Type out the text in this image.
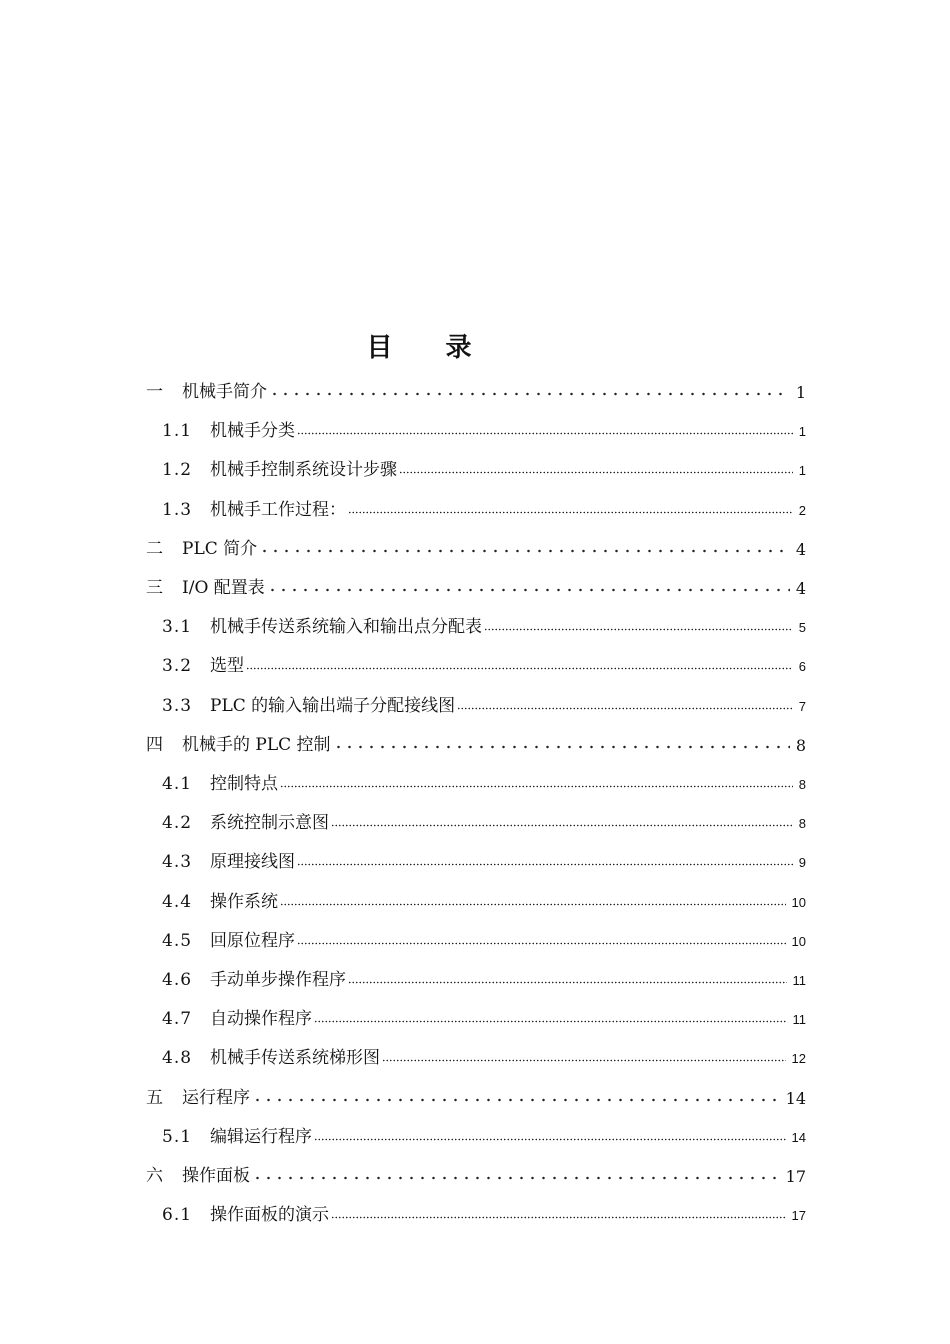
目 录
一	机械手简介	1
1.1	机械手分类	1
1.2	机械手控制系统设计步骤	1
1.3	机械手工作过程：	2
二	PLC 简介	4
三	I/O 配置表	4
3.1	机械手传送系统输入和输出点分配表	5
3.2	选型	6
3.3	PLC 的输入输出端子分配接线图	7
四	机械手的 PLC 控制	8
4.1	控制特点	8
4.2	系统控制示意图	8
4.3	原理接线图	9
4.4	操作系统	10
4.5	回原位程序	10
4.6	手动单步操作程序	11
4.7	自动操作程序	11
4.8	机械手传送系统梯形图	12
五	运行程序	14
5.1	编辑运行程序	14
六	操作面板	17
6.1	操作面板的演示	17
